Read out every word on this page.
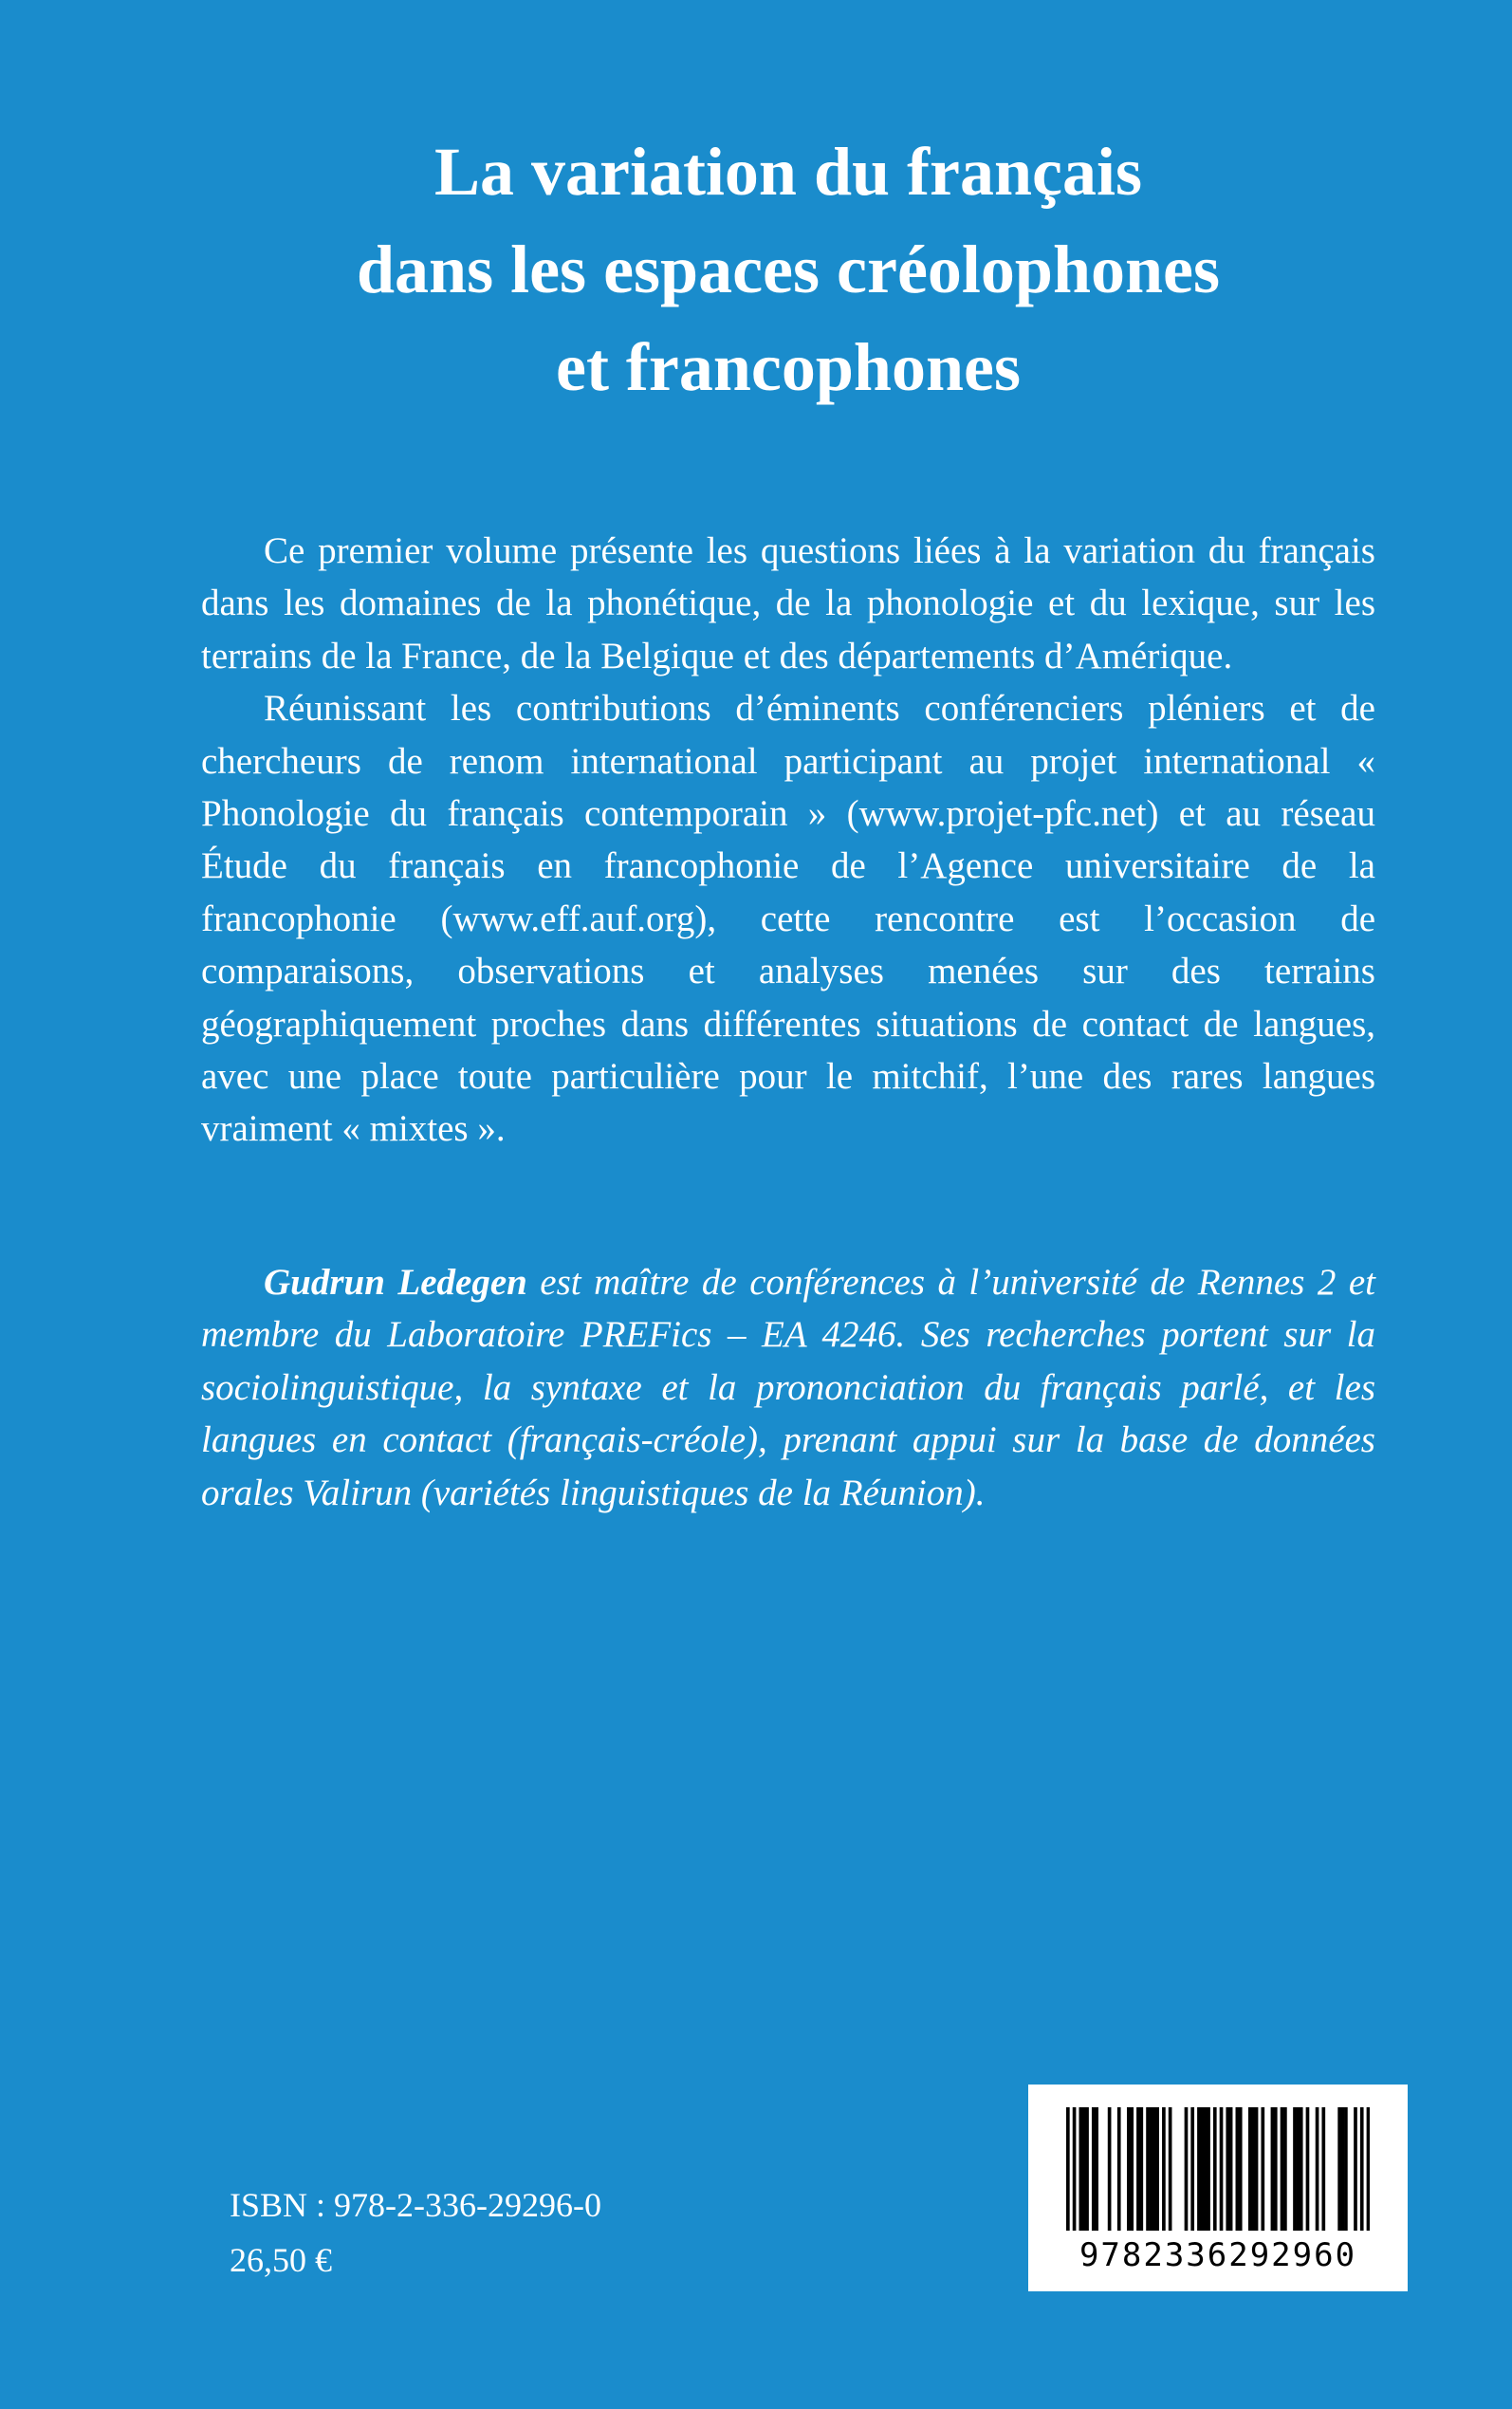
La variation du français
dans les espaces créolophones
et francophones

Ce premier volume présente les questions liées à la variation du français dans les domaines de la phonétique, de la phonologie et du lexique, sur les terrains de la France, de la Belgique et des départements d’Amérique.

Réunissant les contributions d’éminents conférenciers pléniers et de chercheurs de renom international participant au projet international « Phonologie du français contemporain » (www.projet-pfc.net) et au réseau Étude du français en francophonie de l’Agence universitaire de la francophonie (www.eff.auf.org), cette rencontre est l’occasion de comparaisons, observations et analyses menées sur des terrains géographiquement proches dans différentes situations de contact de langues, avec une place toute particulière pour le mitchif, l’une des rares langues vraiment « mixtes ».

Gudrun Ledegen est maître de conférences à l’université de Rennes 2 et membre du Laboratoire PREFics – EA 4246. Ses recherches portent sur la sociolinguistique, la syntaxe et la prononciation du français parlé, et les langues en contact (français-créole), prenant appui sur la base de données orales Valirun (variétés linguistiques de la Réunion).

ISBN : 978-2-336-29296-0

26,50 €	9782336292960
